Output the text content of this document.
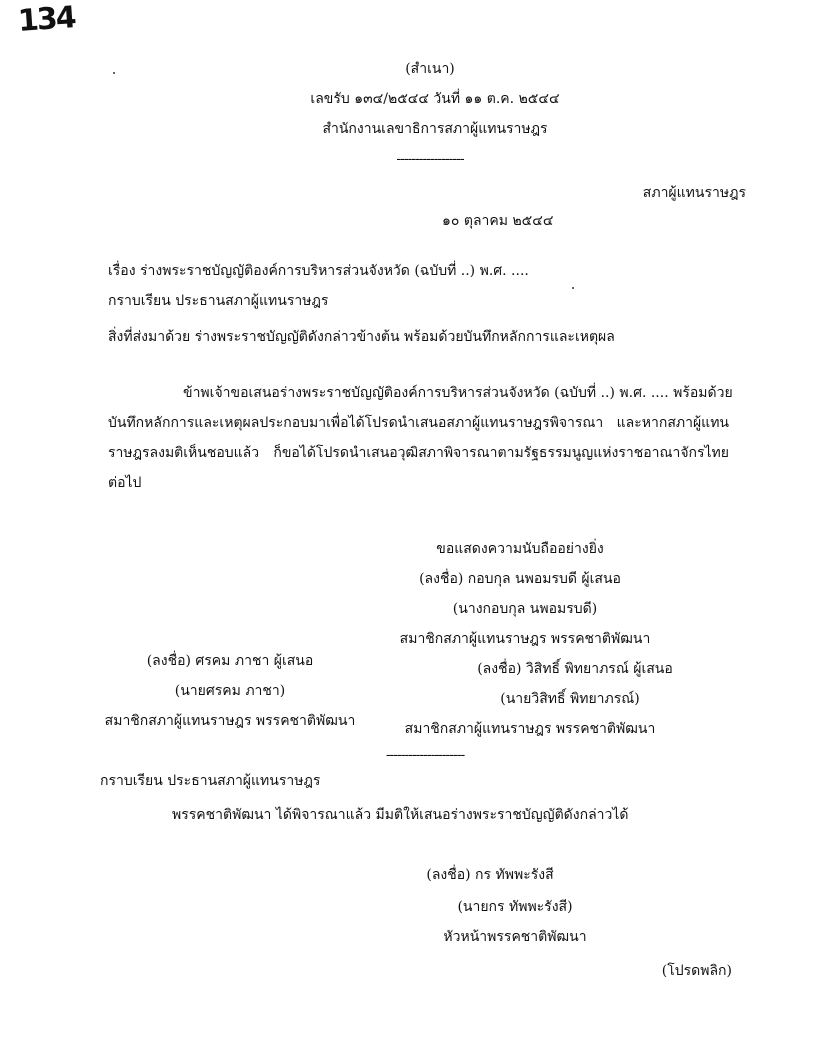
134
(สำเนา)
เลขรับ ๑๓๔/๒๕๔๔ วันที่ ๑๑ ต.ค. ๒๕๔๔
สำนักงานเลขาธิการสภาผู้แทนราษฎร
------------------
สภาผู้แทนราษฎร
๑๐ ตุลาคม ๒๕๔๔
เรื่อง ร่างพระราชบัญญัติองค์การบริหารส่วนจังหวัด (ฉบับที่ ..) พ.ศ. ....
กราบเรียน ประธานสภาผู้แทนราษฎร
สิ่งที่ส่งมาด้วย ร่างพระราชบัญญัติดังกล่าวข้างต้น พร้อมด้วยบันทึกหลักการและเหตุผล
ข้าพเจ้าขอเสนอร่างพระราชบัญญัติองค์การบริหารส่วนจังหวัด (ฉบับที่ ..) พ.ศ. .... พร้อมด้วย
บันทึกหลักการและเหตุผลประกอบมาเพื่อได้โปรดนำเสนอสภาผู้แทนราษฎรพิจารณา และหากสภาผู้แทน
ราษฎรลงมติเห็นชอบแล้ว ก็ขอได้โปรดนำเสนอวุฒิสภาพิจารณาตามรัฐธรรมนูญแห่งราชอาณาจักรไทย
ต่อไป
ขอแสดงความนับถืออย่างยิ่ง
(ลงชื่อ) กอบกุล นพอมรบดี ผู้เสนอ
(นางกอบกุล นพอมรบดี)
สมาชิกสภาผู้แทนราษฎร พรรคชาติพัฒนา
(ลงชื่อ) ศรคม ภาชา ผู้เสนอ
(นายศรคม ภาชา)
สมาชิกสภาผู้แทนราษฎร พรรคชาติพัฒนา
(ลงชื่อ) วิสิทธิ์ พิทยาภรณ์ ผู้เสนอ
(นายวิสิทธิ์ พิทยาภรณ์)
สมาชิกสภาผู้แทนราษฎร พรรคชาติพัฒนา
---------------------
กราบเรียน ประธานสภาผู้แทนราษฎร
พรรคชาติพัฒนา ได้พิจารณาแล้ว มีมติให้เสนอร่างพระราชบัญญัติดังกล่าวได้
(ลงชื่อ) กร ทัพพะรังสี
(นายกร ทัพพะรังสี)
หัวหน้าพรรคชาติพัฒนา
(โปรดพลิก)
